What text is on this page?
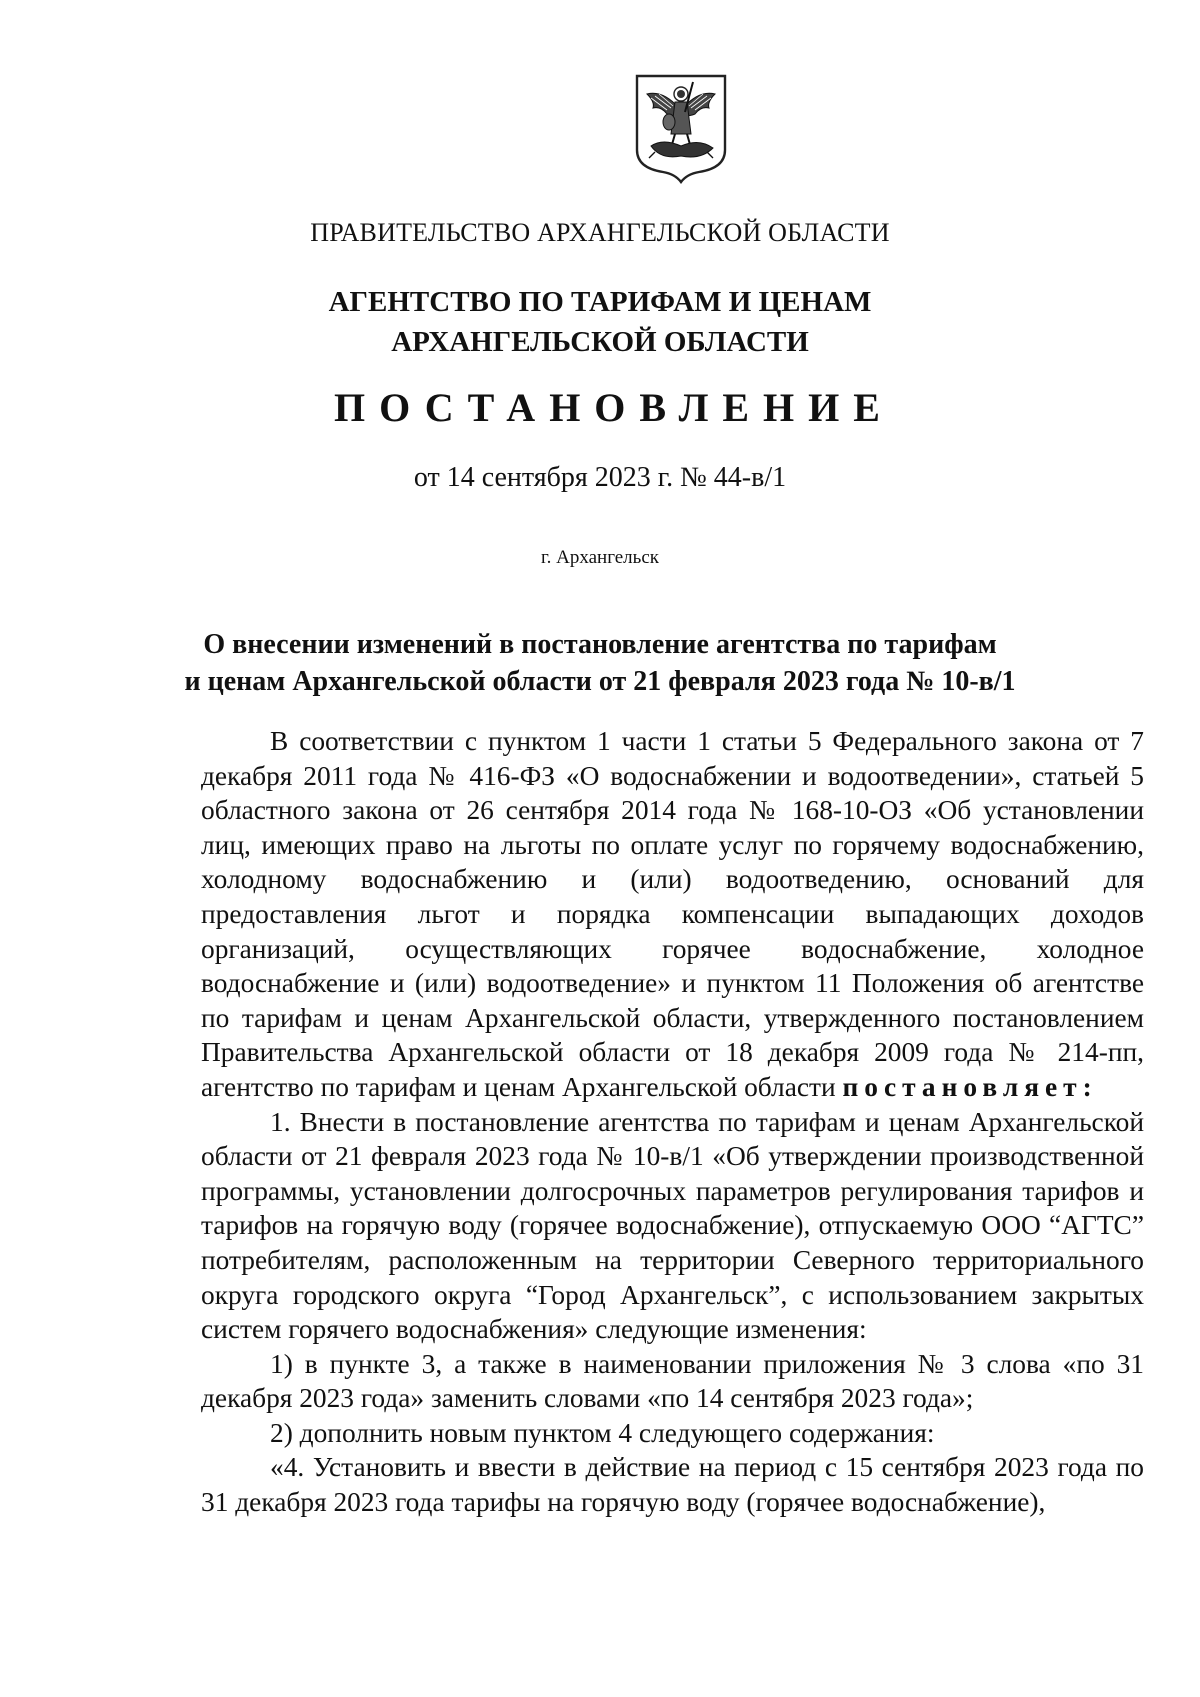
ПРАВИТЕЛЬСТВО АРХАНГЕЛЬСКОЙ ОБЛАСТИ
АГЕНТСТВО ПО ТАРИФАМ И ЦЕНАМ
АРХАНГЕЛЬСКОЙ ОБЛАСТИ
ПОСТАНОВЛЕНИЕ
от 14 сентября 2023 г. № 44-в/1
г. Архангельск
О внесении изменений в постановление агентства по тарифам
и ценам Архангельской области от 21 февраля 2023 года № 10-в/1

В соответствии с пунктом 1 части 1 статьи 5 Федерального закона от 7 декабря 2011 года № 416-ФЗ «О водоснабжении и водоотведении», статьей 5 областного закона от 26 сентября 2014 года № 168-10-ОЗ «Об установлении лиц, имеющих право на льготы по оплате услуг по горячему водоснабжению, холодному водоснабжению и (или) водоотведению, оснований для предоставления льгот и порядка компенсации выпадающих доходов организаций, осуществляющих горячее водоснабжение, холодное водоснабжение и (или) водоотведение» и пунктом 11 Положения об агентстве по тарифам и ценам Архангельской области, утвержденного постановлением Правительства Архангельской области от 18 декабря 2009 года № 214-пп, агентство по тарифам и ценам Архангельской области постановляет:

1. Внести в постановление агентства по тарифам и ценам Архангельской области от 21 февраля 2023 года № 10-в/1 «Об утверждении производственной программы, установлении долгосрочных параметров регулирования тарифов и тарифов на горячую воду (горячее водоснабжение), отпускаемую ООО “АГТС” потребителям, расположенным на территории Северного территориального округа городского округа “Город Архангельск”, с использованием закрытых систем горячего водоснабжения» следующие изменения:

1) в пункте 3, а также в наименовании приложения № 3 слова «по 31 декабря 2023 года» заменить словами «по 14 сентября 2023 года»;

2) дополнить новым пунктом 4 следующего содержания:

«4. Установить и ввести в действие на период с 15 сентября 2023 года по 31 декабря 2023 года тарифы на горячую воду (горячее водоснабжение),
